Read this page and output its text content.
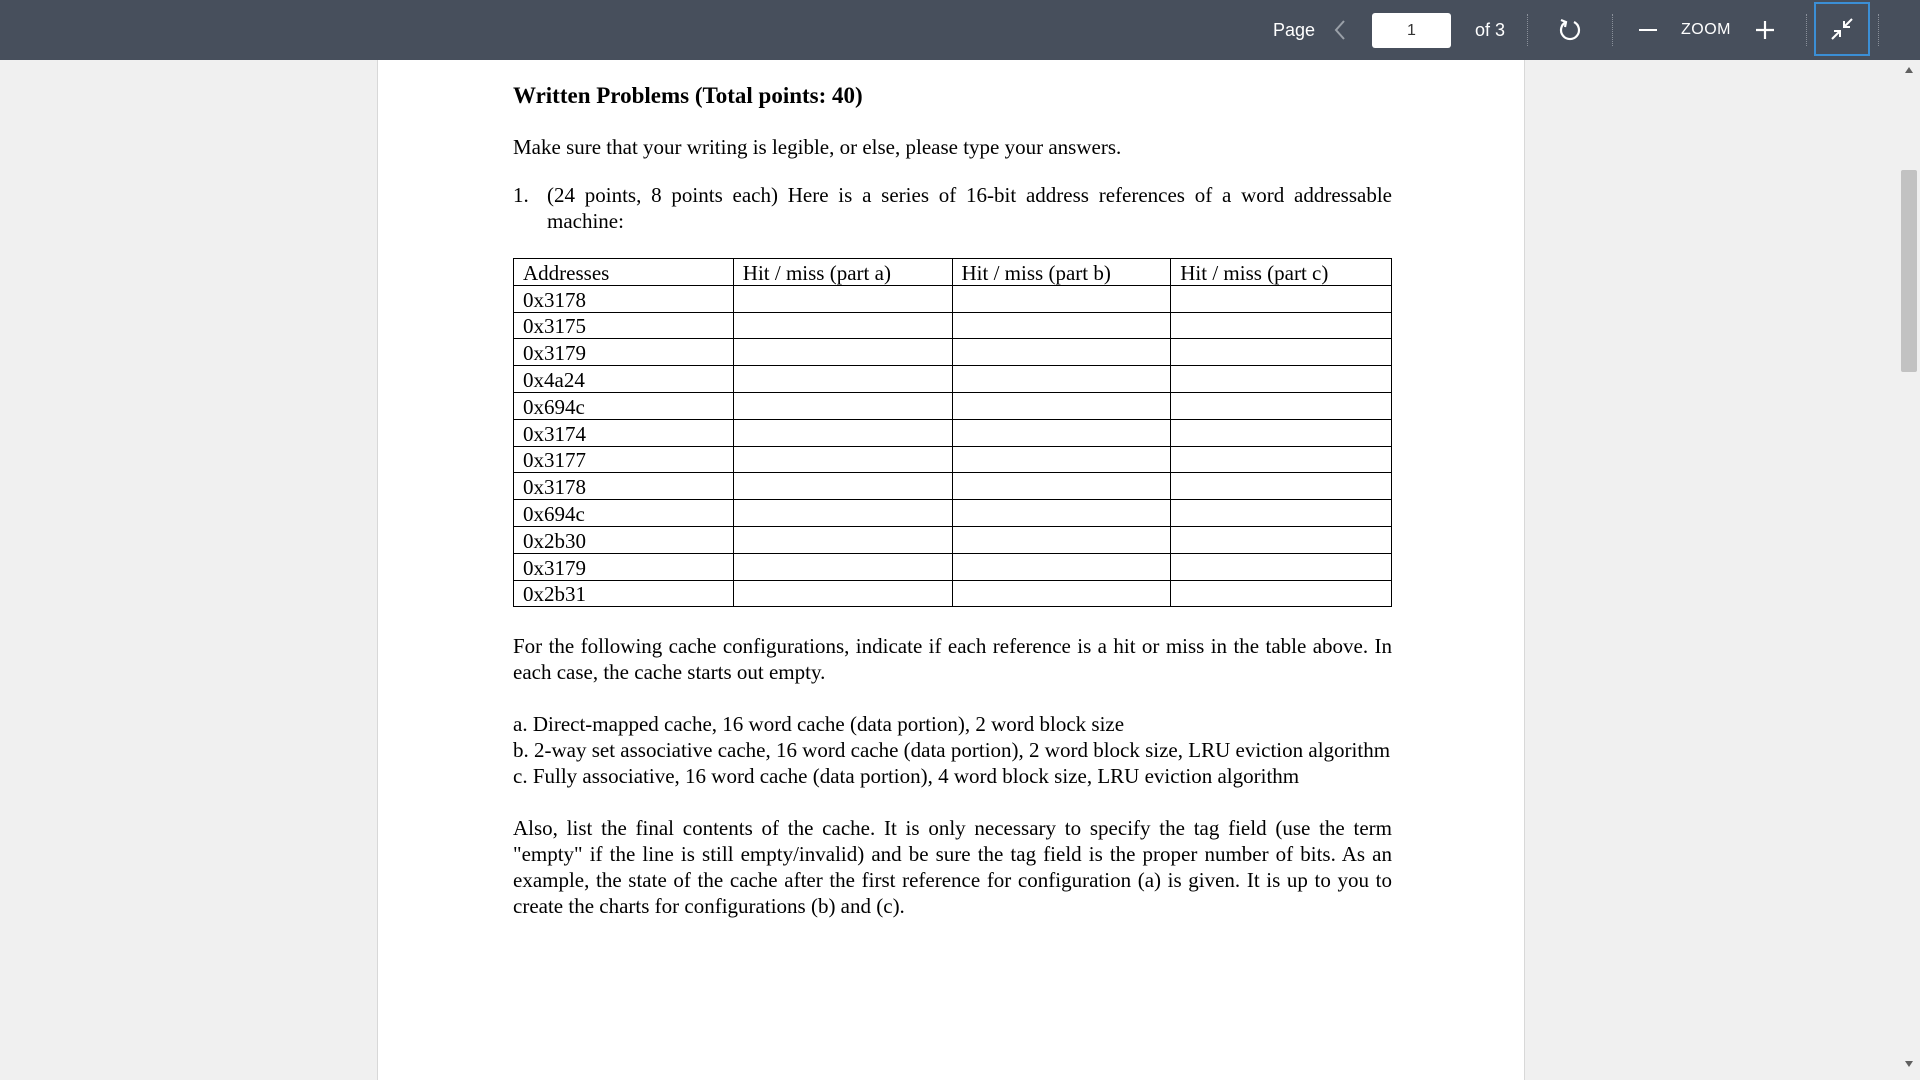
Page
1	of 3	ZOOM
Written Problems (Total points: 40)
Make sure that your writing is legible, or else, please type your answers.
1. (24 points, 8 points each) Here is a series of 16-bit address references of a word addressable machine:
Addresses	Hit / miss (part a)	Hit / miss (part b)	Hit / miss (part c)
0x3178			
0x3175			
0x3179			
0x4a24			
0x694c			
0x3174			
0x3177			
0x3178			
0x694c			
0x2b30			
0x3179			
0x2b31			
For the following cache configurations, indicate if each reference is a hit or miss in the table above. In each case, the cache starts out empty.
a. Direct-mapped cache, 16 word cache (data portion), 2 word block size
b. 2-way set associative cache, 16 word cache (data portion), 2 word block size, LRU eviction algorithm
c. Fully associative, 16 word cache (data portion), 4 word block size, LRU eviction algorithm
Also, list the final contents of the cache. It is only necessary to specify the tag field (use the term "empty" if the line is still empty/invalid) and be sure the tag field is the proper number of bits. As an example, the state of the cache after the first reference for configuration (a) is given. It is up to you to create the charts for configurations (b) and (c).
